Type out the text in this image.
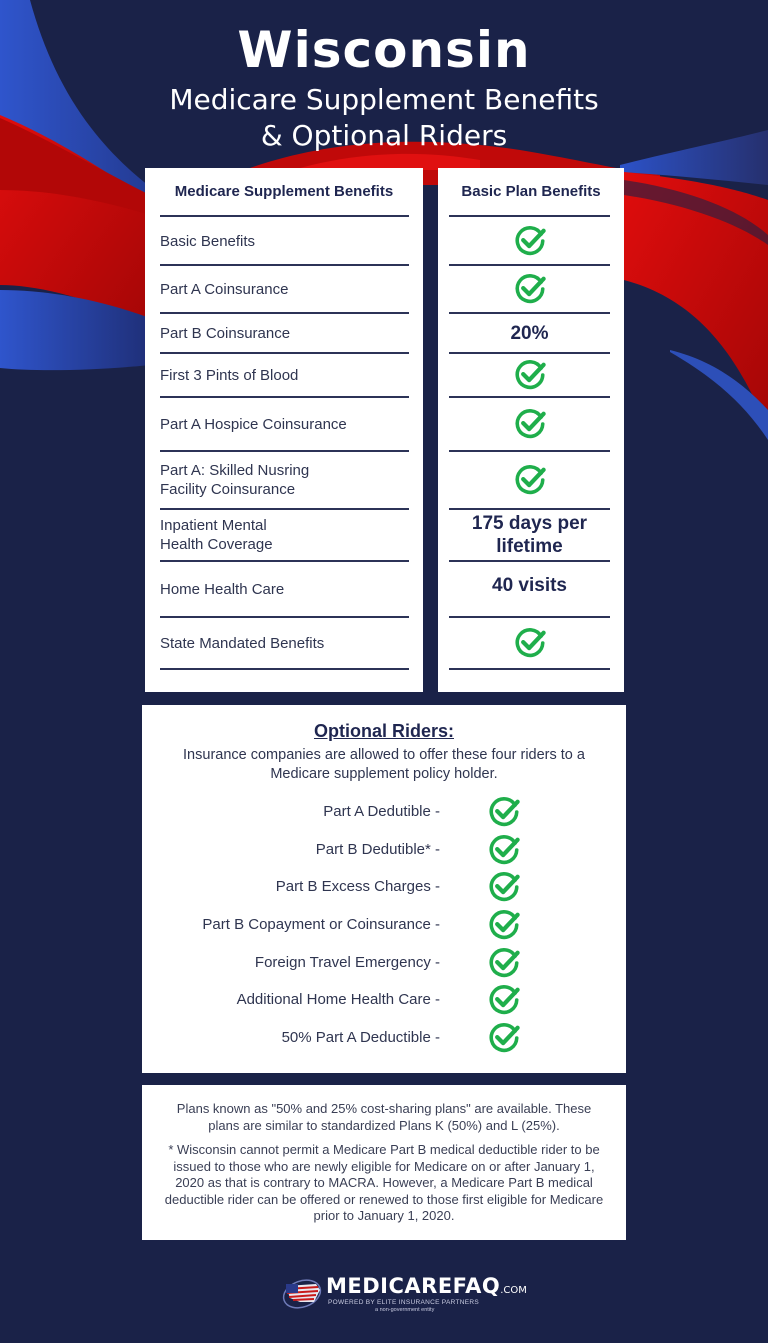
Wisconsin
Medicare Supplement Benefits
& Optional Riders
Medicare Supplement Benefits
Basic Benefits
Part A Coinsurance
Part B Coinsurance
First 3 Pints of Blood
Part A Hospice Coinsurance
Part A: Skilled Nusring
Facility Coinsurance
Inpatient Mental
Health Coverage
Home Health Care
State Mandated Benefits
Basic Plan Benefits
20%
175 days per
lifetime
40 visits
Optional Riders:
Insurance companies are allowed to offer these four riders to a Medicare supplement policy holder.
Part A Dedutible -
Part B Dedutible* -
Part B Excess Charges -
Part B Copayment or Coinsurance -
Foreign Travel Emergency -
Additional Home Health Care -
50% Part A Deductible -

Plans known as "50% and 25% cost-sharing plans" are available. These plans are similar to standardized Plans K (50%) and L (25%).

* Wisconsin cannot permit a Medicare Part B medical deductible rider to be issued to those who are newly eligible for Medicare on or after January 1, 2020 as that is contrary to MACRA. However, a Medicare Part B medical deductible rider can be offered or renewed to those first eligible for Medicare prior to January 1, 2020.

MEDICAREFAQ.COM
POWERED BY ELITE INSURANCE PARTNERS
a non-government entity
